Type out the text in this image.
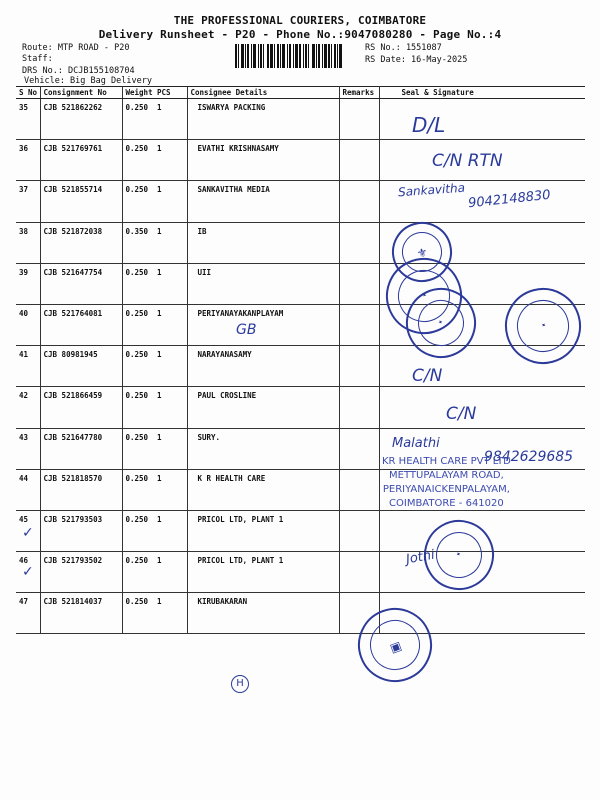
THE PROFESSIONAL COURIERS, COIMBATORE
Delivery Runsheet - P20 - Phone No.:9047080280 - Page No.:4
Route: MTP ROAD - P20
Staff:
DRS No.: DCJB155108704
Vehicle: Big Bag Delivery
RS No.: 1551087
RS Date: 16-May-2025
S No	Consignment No	Weight	PCS	Consignee Details	Remarks	Seal & Signature
35	CJB 521862262	0.250	1	ISWARYA PACKING		
36	CJB 521769761	0.250	1	EVATHI KRISHNASAMY		
37	CJB 521855714	0.250	1	SANKAVITHA MEDIA		
38	CJB 521872038	0.350	1	IB		
39	CJB 521647754	0.250	1	UII		
40	CJB 521764081	0.250	1	PERIYANAYAKANPLAYAM		
41	CJB 80981945	0.250	1	NARAYANASAMY		
42	CJB 521866459	0.250	1	PAUL CROSLINE		
43	CJB 521647780	0.250	1	SURY.		
44	CJB 521818570	0.250	1	K R HEALTH CARE		
45	CJB 521793503	0.250	1	PRICOL LTD, PLANT 1		
46	CJB 521793502	0.250	1	PRICOL LTD, PLANT 1		
47	CJB 521814037	0.250	1	KIRUBAKARAN		
D/L
C/N RTN
Sankavitha 9042148830
GB
C/N
C/N
Malathi
9842629685
Jothi
✓
✓
H
KR HEALTH CARE PVT LTD
METTUPALAYAM ROAD,
PERIYANAICKENPALAYAM,
COIMBATORE - 641020
⚜
✦
✦	✦
✦
▣
